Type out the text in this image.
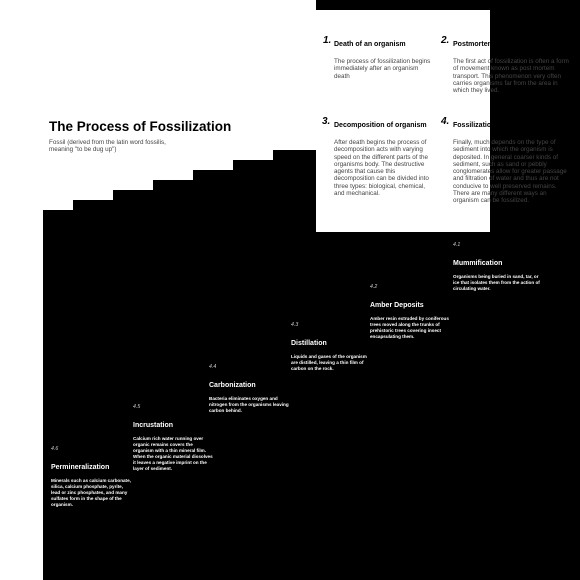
The Process of Fossilization
Fossil (derived from the latin word fossilis, meaning "to be dug up")
1. Death of an organism
The process of fossilization begins immediately after an organism death
2. Postmortem transportation
The first act of fossilization is often a form of movement known as post mortem transport. This phenomenon very often carries organisms far from the area in which they lived.
3. Decomposition of organism
After death begins the process of decomposition acts with varying speed on the different parts of the organisms body. The destructive agents that cause this decomposition can be divided into three types: biological, chemical, and mechanical.
4. Fossilization process
Finally, much depends on the type of sediment into which the organism is deposited. In general coarser kinds of sediment, such as sand or pebbly conglomerates allow for greater passage and filtration of water and thus are not conducive to well preserved remains. There are many different ways an organism can be fossilized.
4.1
Mummification
Organisms being buried in sand, tar, or ice that isolates them from the action of circulating water.
4.2
Amber Deposits
Amber resin extruded by coniferous trees moved along the trunks of prehistoric trees covering insect encapsulating them.
4.3
Distillation
Liquids and gases of the organism are distilled, leaving a thin film of carbon on the rock.
4.4
Carbonization
Bacteria eliminates oxygen and nitrogen from the organisms leaving carbon behind.
4.5
Incrustation
Calcium rich water running over organic remains covers the organism with a thin mineral film. When the organic material dissolves it leaves a negative imprint on the layer of sediment.
4.6
Permineralization
Minerals such as calcium carbonate, silica, calcium phosphate, pyrite, lead or zinc phosphates, and many sulfates form in the shape of the organism.
